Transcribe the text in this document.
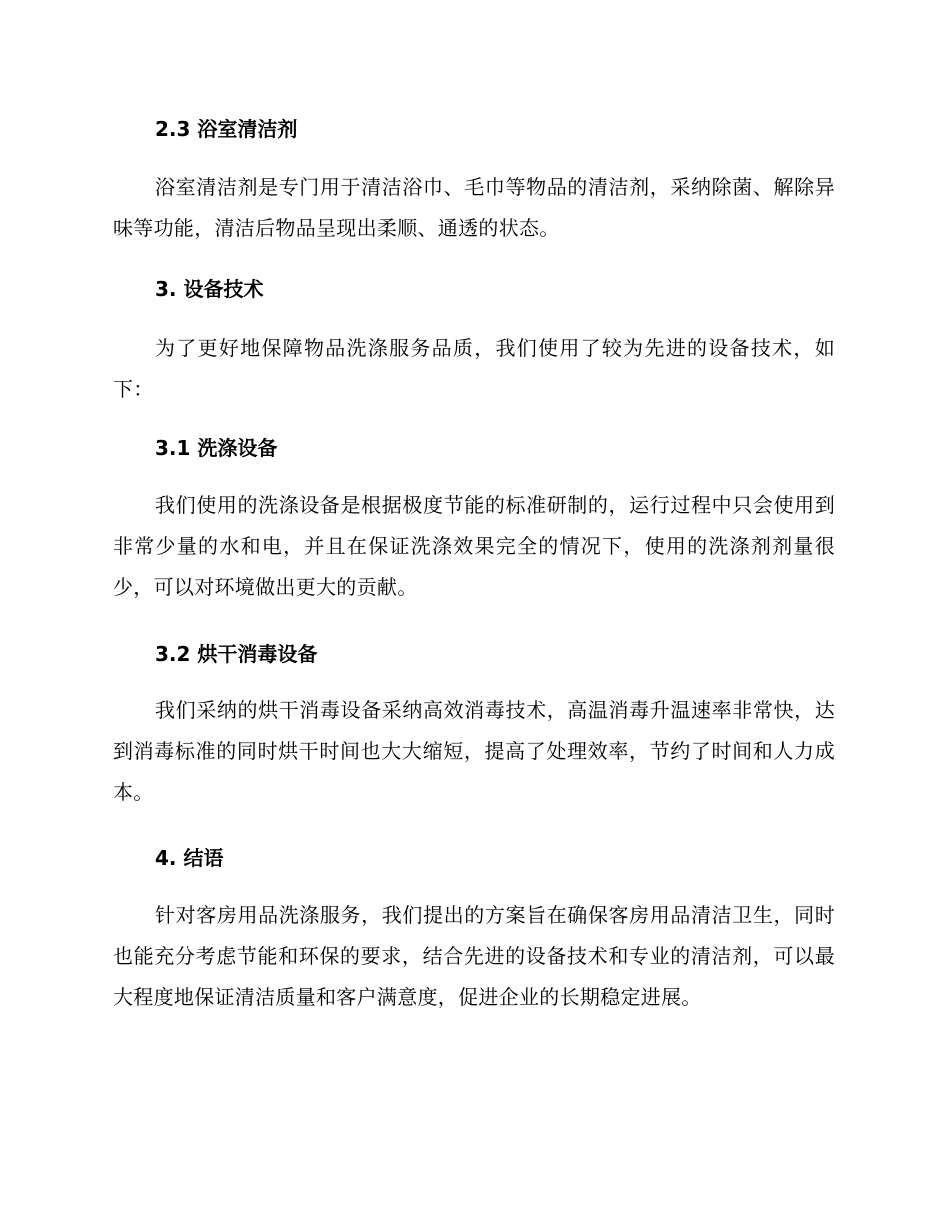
2.3 浴室清洁剂
浴室清洁剂是专门用于清洁浴巾、毛巾等物品的清洁剂，采纳除菌、解除异味等功能，清洁后物品呈现出柔顺、通透的状态。
3. 设备技术
为了更好地保障物品洗涤服务品质，我们使用了较为先进的设备技术，如下：
3.1 洗涤设备
我们使用的洗涤设备是根据极度节能的标准研制的，运行过程中只会使用到非常少量的水和电，并且在保证洗涤效果完全的情况下，使用的洗涤剂剂量很少，可以对环境做出更大的贡献。
3.2 烘干消毒设备
我们采纳的烘干消毒设备采纳高效消毒技术，高温消毒升温速率非常快，达到消毒标准的同时烘干时间也大大缩短，提高了处理效率，节约了时间和人力成本。
4. 结语
针对客房用品洗涤服务，我们提出的方案旨在确保客房用品清洁卫生，同时也能充分考虑节能和环保的要求，结合先进的设备技术和专业的清洁剂，可以最大程度地保证清洁质量和客户满意度，促进企业的长期稳定进展。
